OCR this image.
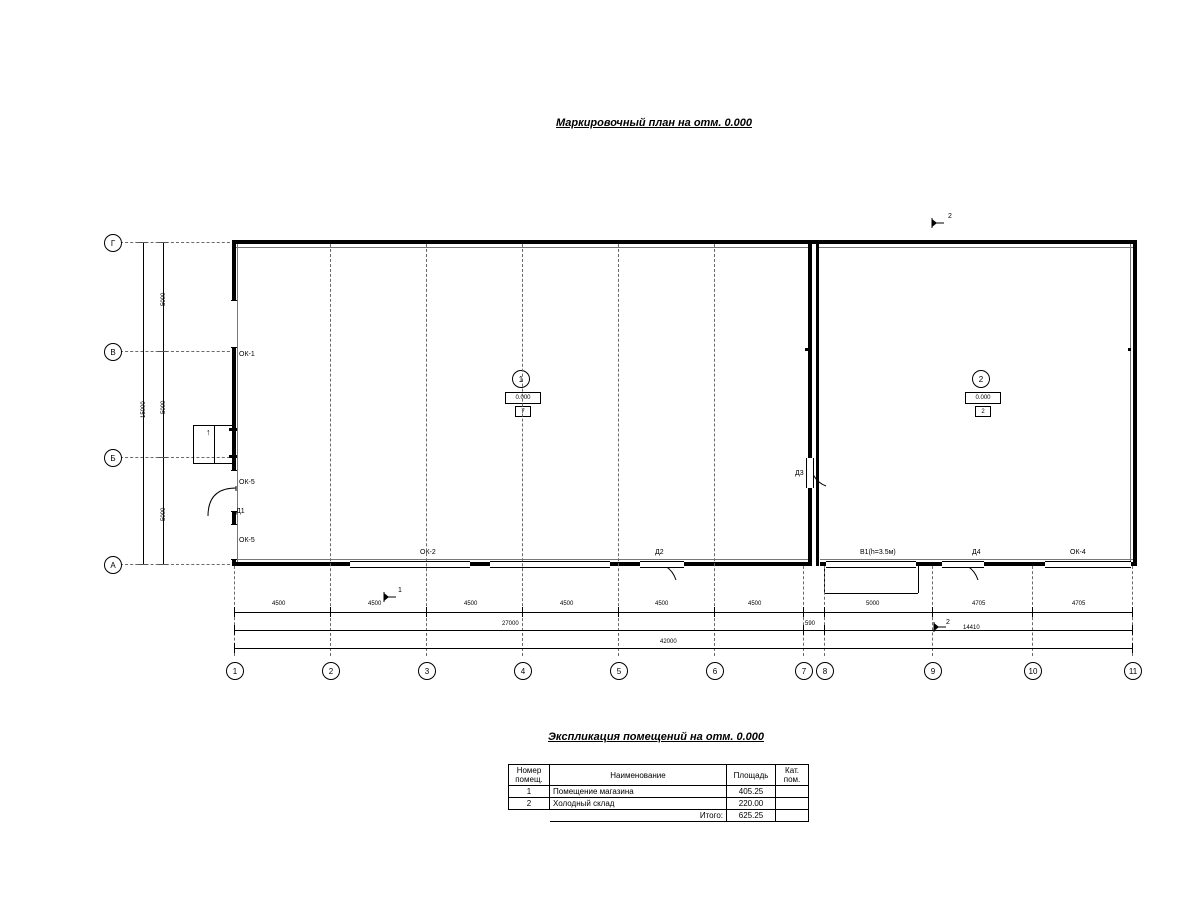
Маркировочный план на отм. 0.000
Г
В
Б
А
5000
5000
5000
15000
↑
ОК-1
ОК-5
ОК-5
Д1
ОК-2	Д2
Д3
В1(h=3.5м)	Д4	ОК-4
1
0.000
7
2
0.000
2
2
1
2
4500	4500	4500	4500	4500	4500	5000	4705	4705
27000	590
14410
42000
1	2	3	4	5	6	7 8	9	10	11
Экспликация помещений на отм. 0.000
Номер
помещ.	Наименование	Площадь	Кат.
пом.
1	Помещение магазина	405.25	
2	Холодный склад	220.00	
	Итого:	625.25	
